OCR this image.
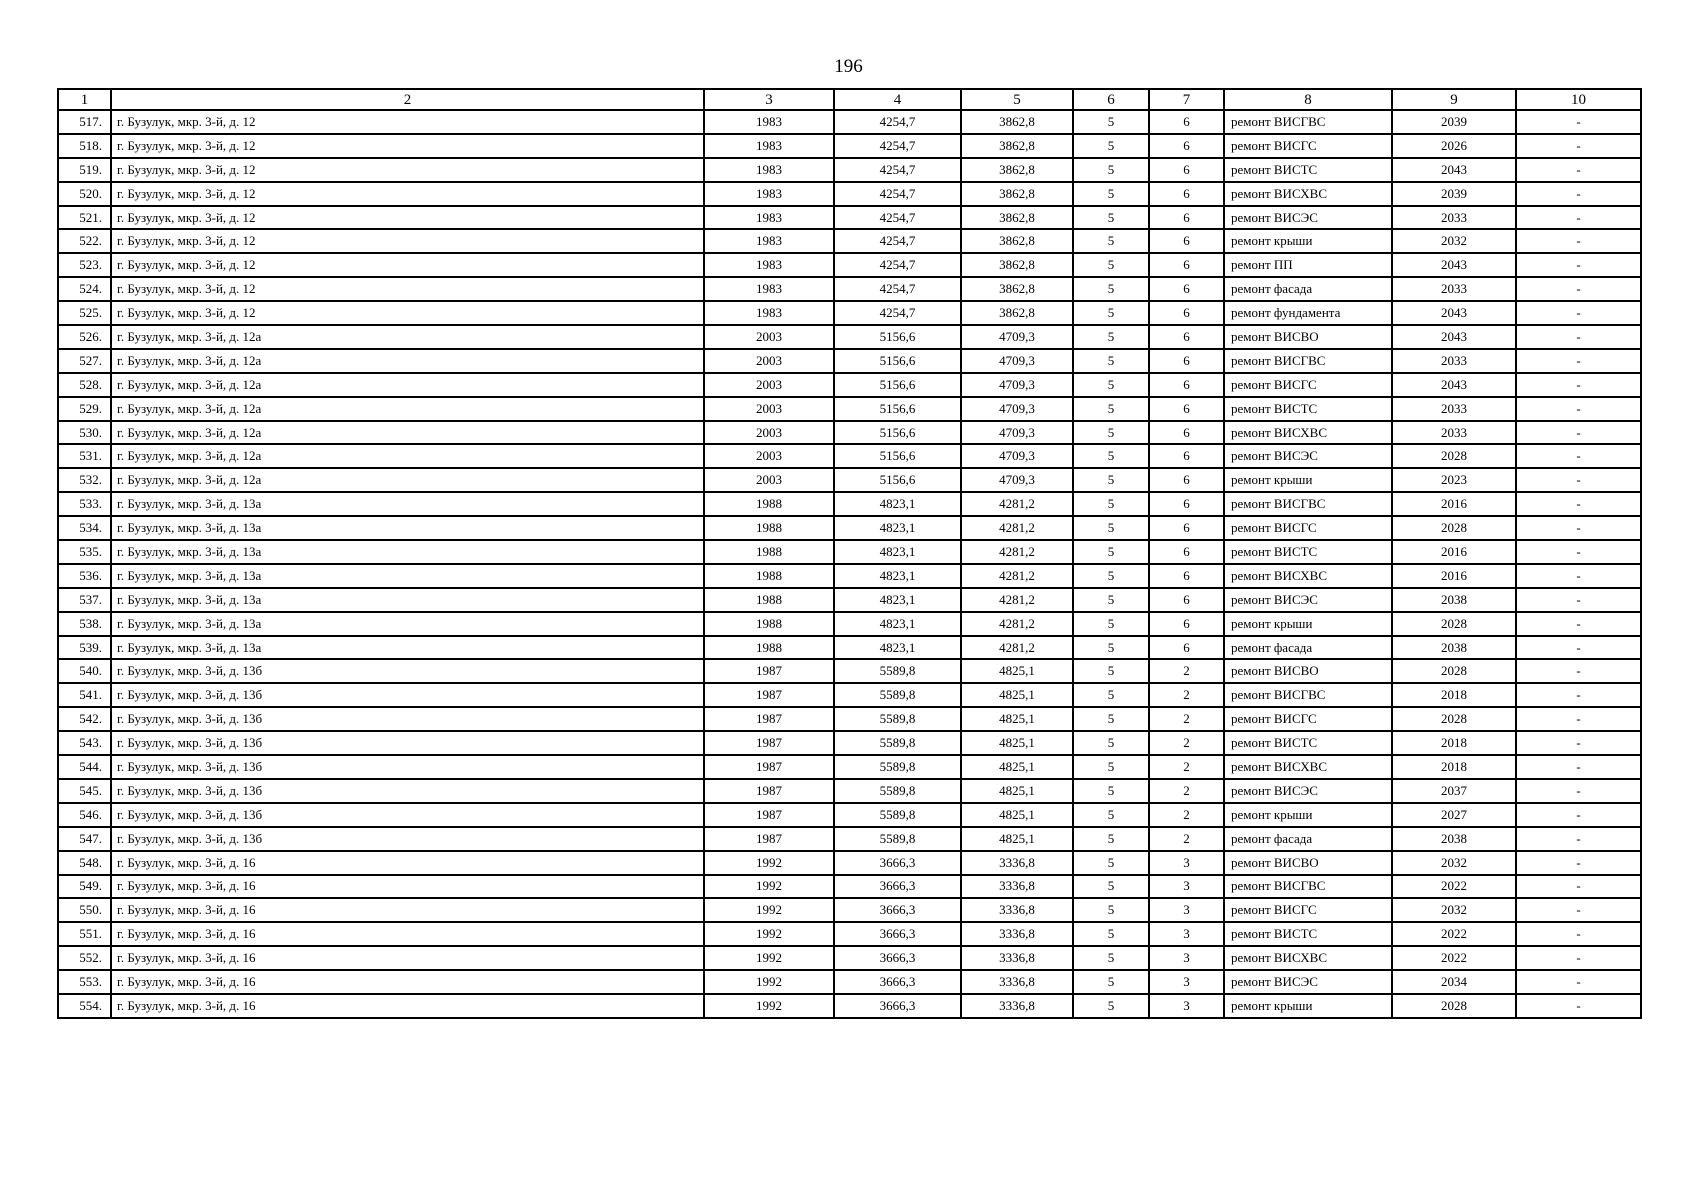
196
1	2	3	4	5	6	7	8	9	10
517.	г. Бузулук, мкр. 3-й, д. 12	1983	4254,7	3862,8	5	6	ремонт ВИСГВС	2039	-
518.	г. Бузулук, мкр. 3-й, д. 12	1983	4254,7	3862,8	5	6	ремонт ВИСГС	2026	-
519.	г. Бузулук, мкр. 3-й, д. 12	1983	4254,7	3862,8	5	6	ремонт ВИСТС	2043	-
520.	г. Бузулук, мкр. 3-й, д. 12	1983	4254,7	3862,8	5	6	ремонт ВИСХВС	2039	-
521.	г. Бузулук, мкр. 3-й, д. 12	1983	4254,7	3862,8	5	6	ремонт ВИСЭС	2033	-
522.	г. Бузулук, мкр. 3-й, д. 12	1983	4254,7	3862,8	5	6	ремонт крыши	2032	-
523.	г. Бузулук, мкр. 3-й, д. 12	1983	4254,7	3862,8	5	6	ремонт ПП	2043	-
524.	г. Бузулук, мкр. 3-й, д. 12	1983	4254,7	3862,8	5	6	ремонт фасада	2033	-
525.	г. Бузулук, мкр. 3-й, д. 12	1983	4254,7	3862,8	5	6	ремонт фундамента	2043	-
526.	г. Бузулук, мкр. 3-й, д. 12а	2003	5156,6	4709,3	5	6	ремонт ВИСВО	2043	-
527.	г. Бузулук, мкр. 3-й, д. 12а	2003	5156,6	4709,3	5	6	ремонт ВИСГВС	2033	-
528.	г. Бузулук, мкр. 3-й, д. 12а	2003	5156,6	4709,3	5	6	ремонт ВИСГС	2043	-
529.	г. Бузулук, мкр. 3-й, д. 12а	2003	5156,6	4709,3	5	6	ремонт ВИСТС	2033	-
530.	г. Бузулук, мкр. 3-й, д. 12а	2003	5156,6	4709,3	5	6	ремонт ВИСХВС	2033	-
531.	г. Бузулук, мкр. 3-й, д. 12а	2003	5156,6	4709,3	5	6	ремонт ВИСЭС	2028	-
532.	г. Бузулук, мкр. 3-й, д. 12а	2003	5156,6	4709,3	5	6	ремонт крыши	2023	-
533.	г. Бузулук, мкр. 3-й, д. 13а	1988	4823,1	4281,2	5	6	ремонт ВИСГВС	2016	-
534.	г. Бузулук, мкр. 3-й, д. 13а	1988	4823,1	4281,2	5	6	ремонт ВИСГС	2028	-
535.	г. Бузулук, мкр. 3-й, д. 13а	1988	4823,1	4281,2	5	6	ремонт ВИСТС	2016	-
536.	г. Бузулук, мкр. 3-й, д. 13а	1988	4823,1	4281,2	5	6	ремонт ВИСХВС	2016	-
537.	г. Бузулук, мкр. 3-й, д. 13а	1988	4823,1	4281,2	5	6	ремонт ВИСЭС	2038	-
538.	г. Бузулук, мкр. 3-й, д. 13а	1988	4823,1	4281,2	5	6	ремонт крыши	2028	-
539.	г. Бузулук, мкр. 3-й, д. 13а	1988	4823,1	4281,2	5	6	ремонт фасада	2038	-
540.	г. Бузулук, мкр. 3-й, д. 13б	1987	5589,8	4825,1	5	2	ремонт ВИСВО	2028	-
541.	г. Бузулук, мкр. 3-й, д. 13б	1987	5589,8	4825,1	5	2	ремонт ВИСГВС	2018	-
542.	г. Бузулук, мкр. 3-й, д. 13б	1987	5589,8	4825,1	5	2	ремонт ВИСГС	2028	-
543.	г. Бузулук, мкр. 3-й, д. 13б	1987	5589,8	4825,1	5	2	ремонт ВИСТС	2018	-
544.	г. Бузулук, мкр. 3-й, д. 13б	1987	5589,8	4825,1	5	2	ремонт ВИСХВС	2018	-
545.	г. Бузулук, мкр. 3-й, д. 13б	1987	5589,8	4825,1	5	2	ремонт ВИСЭС	2037	-
546.	г. Бузулук, мкр. 3-й, д. 13б	1987	5589,8	4825,1	5	2	ремонт крыши	2027	-
547.	г. Бузулук, мкр. 3-й, д. 13б	1987	5589,8	4825,1	5	2	ремонт фасада	2038	-
548.	г. Бузулук, мкр. 3-й, д. 16	1992	3666,3	3336,8	5	3	ремонт ВИСВО	2032	-
549.	г. Бузулук, мкр. 3-й, д. 16	1992	3666,3	3336,8	5	3	ремонт ВИСГВС	2022	-
550.	г. Бузулук, мкр. 3-й, д. 16	1992	3666,3	3336,8	5	3	ремонт ВИСГС	2032	-
551.	г. Бузулук, мкр. 3-й, д. 16	1992	3666,3	3336,8	5	3	ремонт ВИСТС	2022	-
552.	г. Бузулук, мкр. 3-й, д. 16	1992	3666,3	3336,8	5	3	ремонт ВИСХВС	2022	-
553.	г. Бузулук, мкр. 3-й, д. 16	1992	3666,3	3336,8	5	3	ремонт ВИСЭС	2034	-
554.	г. Бузулук, мкр. 3-й, д. 16	1992	3666,3	3336,8	5	3	ремонт крыши	2028	-
